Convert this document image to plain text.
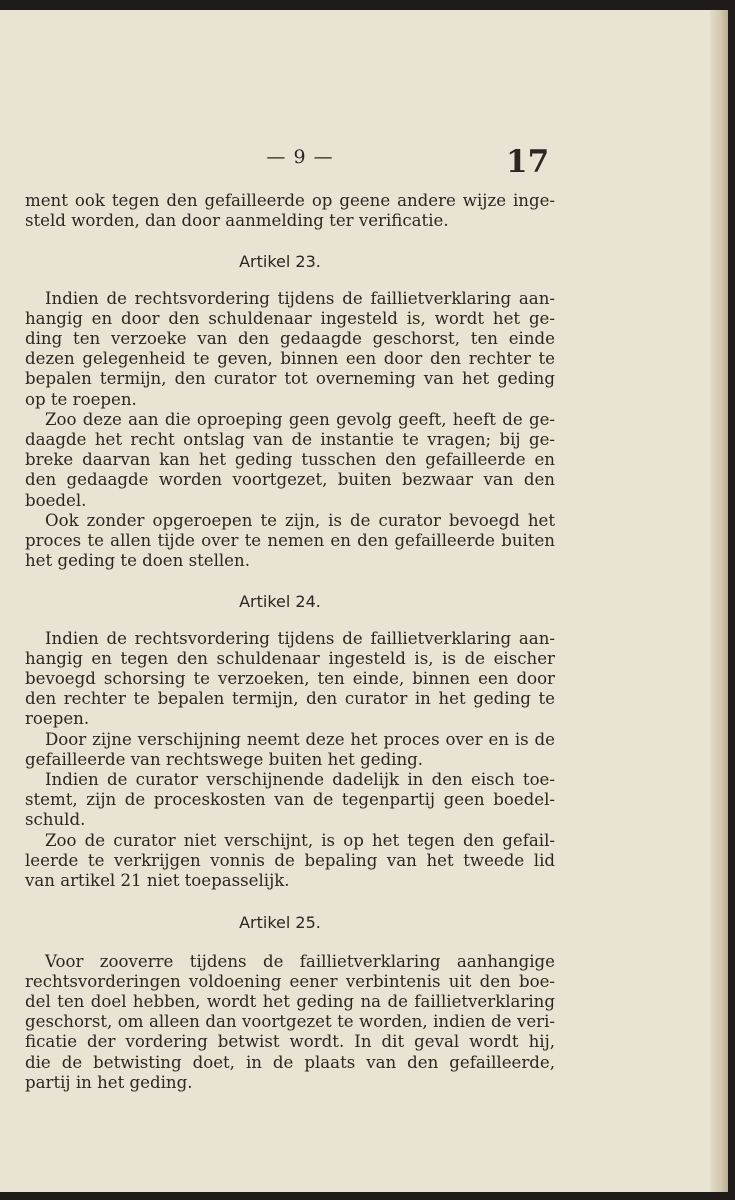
— 9 —	17
ment ook tegen den gefailleerde op geene andere wijze inge-
steld worden, dan door aanmelding ter verificatie.
Artikel 23.
Indien de rechtsvordering tijdens de faillietverklaring aan-
hangig en door den schuldenaar ingesteld is, wordt het ge-
ding ten verzoeke van den gedaagde geschorst, ten einde
dezen gelegenheid te geven, binnen een door den rechter te
bepalen termijn, den curator tot overneming van het geding
op te roepen.
Zoo deze aan die oproeping geen gevolg geeft, heeft de ge-
daagde het recht ontslag van de instantie te vragen; bij ge-
breke daarvan kan het geding tusschen den gefailleerde en
den gedaagde worden voortgezet, buiten bezwaar van den
boedel.
Ook zonder opgeroepen te zijn, is de curator bevoegd het
proces te allen tijde over te nemen en den gefailleerde buiten
het geding te doen stellen.
Artikel 24.
Indien de rechtsvordering tijdens de faillietverklaring aan-
hangig en tegen den schuldenaar ingesteld is, is de eischer
bevoegd schorsing te verzoeken, ten einde, binnen een door
den rechter te bepalen termijn, den curator in het geding te
roepen.
Door zijne verschijning neemt deze het proces over en is de
gefailleerde van rechtswege buiten het geding.
Indien de curator verschijnende dadelijk in den eisch toe-
stemt, zijn de proceskosten van de tegenpartij geen boedel-
schuld.
Zoo de curator niet verschijnt, is op het tegen den gefail-
leerde te verkrijgen vonnis de bepaling van het tweede lid
van artikel 21 niet toepasselijk.
Artikel 25.
Voor zooverre tijdens de faillietverklaring aanhangige
rechtsvorderingen voldoening eener verbintenis uit den boe-
del ten doel hebben, wordt het geding na de faillietverklaring
geschorst, om alleen dan voortgezet te worden, indien de veri-
ficatie der vordering betwist wordt. In dit geval wordt hij,
die de betwisting doet, in de plaats van den gefailleerde,
partij in het geding.
